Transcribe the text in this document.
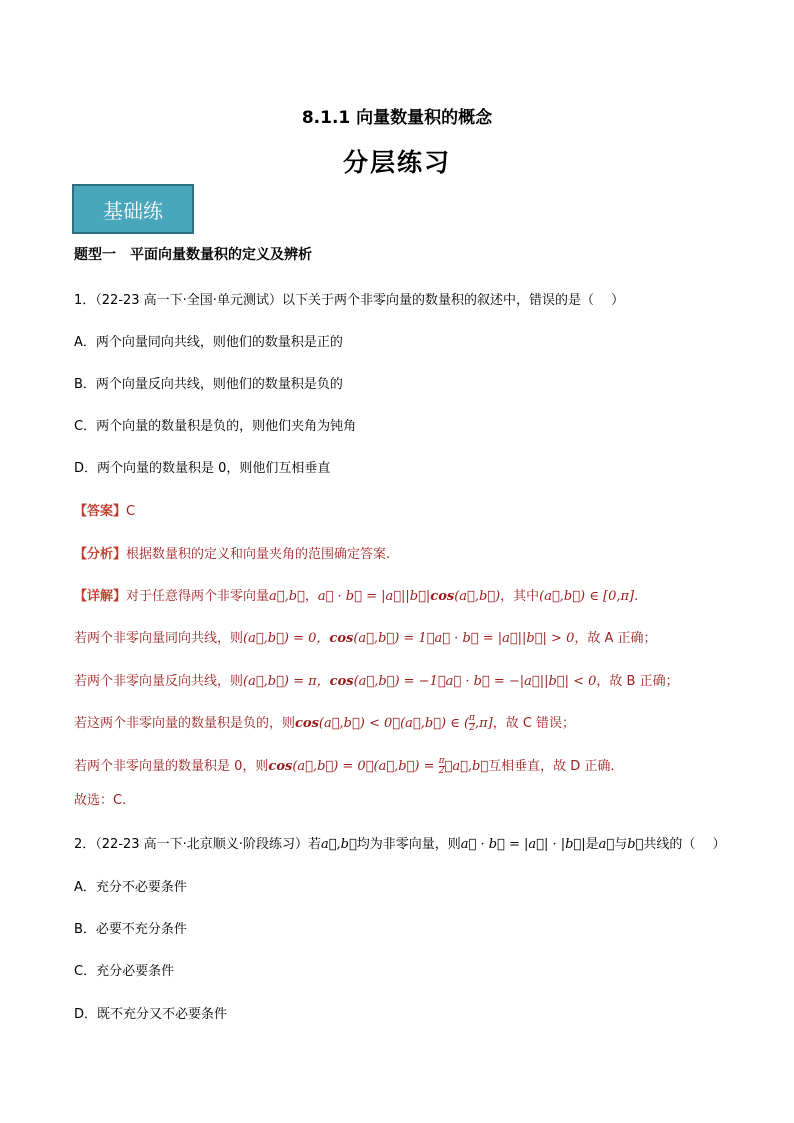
8.1.1 向量数量积的概念
分层练习
基础练
题型一　平面向量数量积的定义及辨析
1．（22-23 高一下·全国·单元测试）以下关于两个非零向量的数量积的叙述中，错误的是（　 ）
A．两个向量同向共线，则他们的数量积是正的
B．两个向量反向共线，则他们的数量积是负的
C．两个向量的数量积是负的，则他们夹角为钝角
D．两个向量的数量积是 0，则他们互相垂直
【答案】C
【分析】根据数量积的定义和向量夹角的范围确定答案.
【详解】对于任意得两个非零向量a⃗,b⃗，a⃗ · b⃗ = |a⃗||b⃗|cos(a⃗,b⃗)，其中(a⃗,b⃗) ∈ [0,π].
若两个非零向量同向共线，则(a⃗,b⃗) = 0，cos(a⃗,b⃗) = 1，a⃗ · b⃗ = |a⃗||b⃗| > 0，故 A 正确；
若两个非零向量反向共线，则(a⃗,b⃗) = π，cos(a⃗,b⃗) = −1，a⃗ · b⃗ = −|a⃗||b⃗| < 0，故 B 正确；
若这两个非零向量的数量积是负的，则cos(a⃗,b⃗) < 0，(a⃗,b⃗) ∈ ( $\frac{\pi}{2} ,\pi$]，故 C 错误；
若两个非零向量的数量积是 0，则cos(a⃗,b⃗) = 0，(a⃗,b⃗) = $\frac{\pi}{2}$ ，a⃗,b⃗互相垂直，故 D 正确.
故选：C.
2．（22-23 高一下·北京顺义·阶段练习）若a⃗,b⃗均为非零向量，则a⃗ · b⃗ = |a⃗| · |b⃗|是a⃗与b⃗共线的（　 ）
A．充分不必要条件
B．必要不充分条件
C．充分必要条件
D．既不充分又不必要条件
